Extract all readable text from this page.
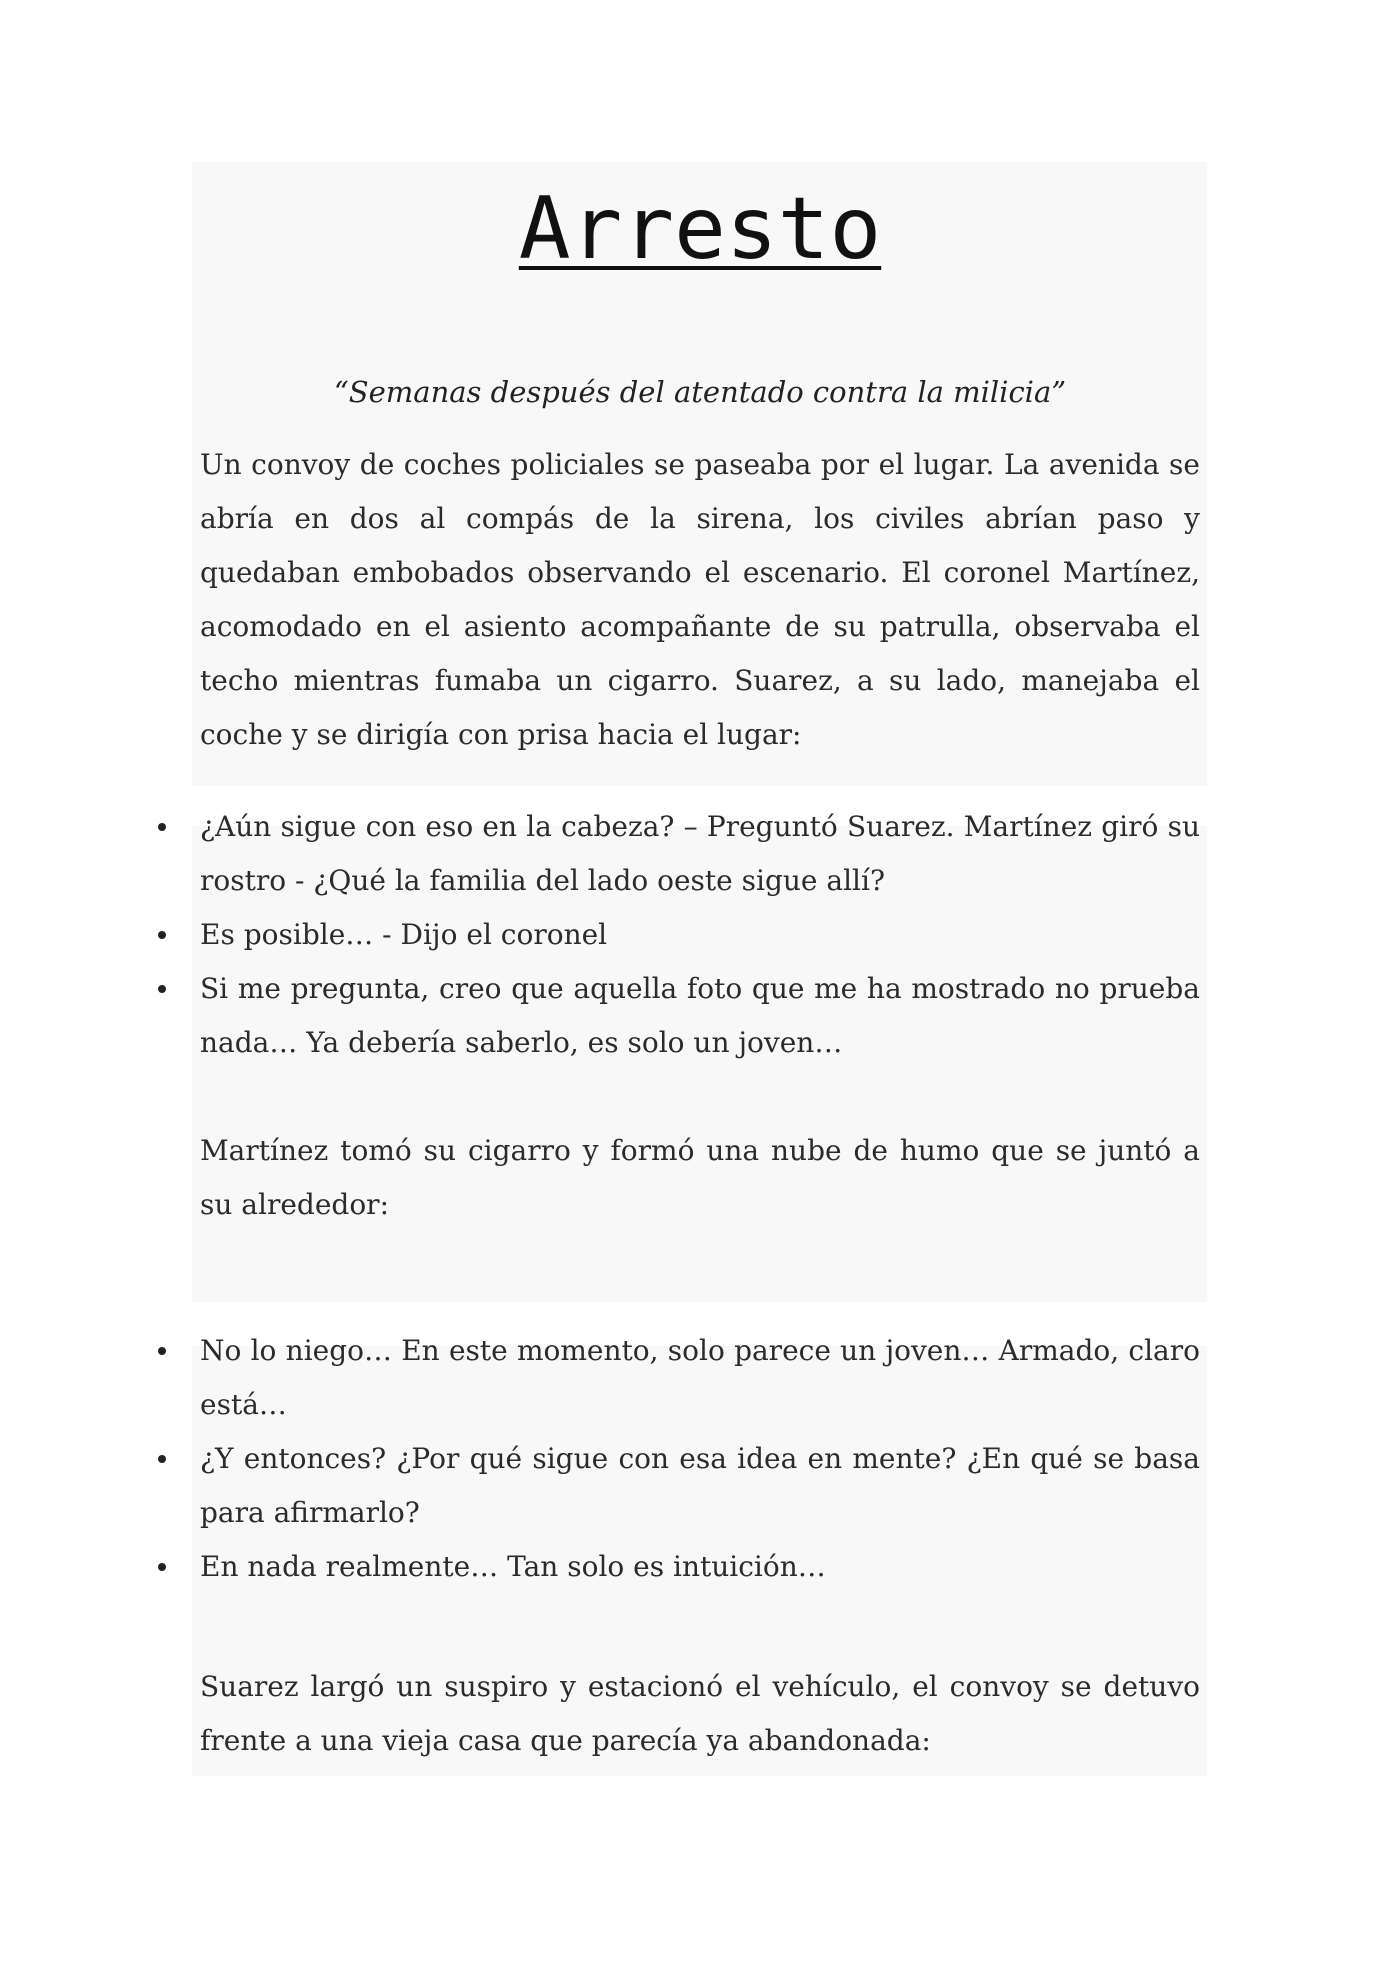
Arresto

“Semanas después del atentado contra la milicia”

Un convoy de coches policiales se paseaba por el lugar. La avenida se abría en dos al compás de la sirena, los civiles abrían paso y quedaban embobados observando el escenario. El coronel Martínez, acomodado en el asiento acompañante de su patrulla, observaba el techo mientras fumaba un cigarro. Suarez, a su lado, manejaba el coche y se dirigía con prisa hacia el lugar:

¿Aún sigue con eso en la cabeza? – Preguntó Suarez. Martínez giró su rostro - ¿Qué la familia del lado oeste sigue allí?
Es posible… - Dijo el coronel
Si me pregunta, creo que aquella foto que me ha mostrado no prueba nada… Ya debería saberlo, es solo un joven…

Martínez tomó su cigarro y formó una nube de humo que se juntó a su alrededor:

No lo niego… En este momento, solo parece un joven… Armado, claro está…
¿Y entonces? ¿Por qué sigue con esa idea en mente? ¿En qué se basa para afirmarlo?
En nada realmente… Tan solo es intuición…

Suarez largó un suspiro y estacionó el vehículo, el convoy se detuvo frente a una vieja casa que parecía ya abandonada:
